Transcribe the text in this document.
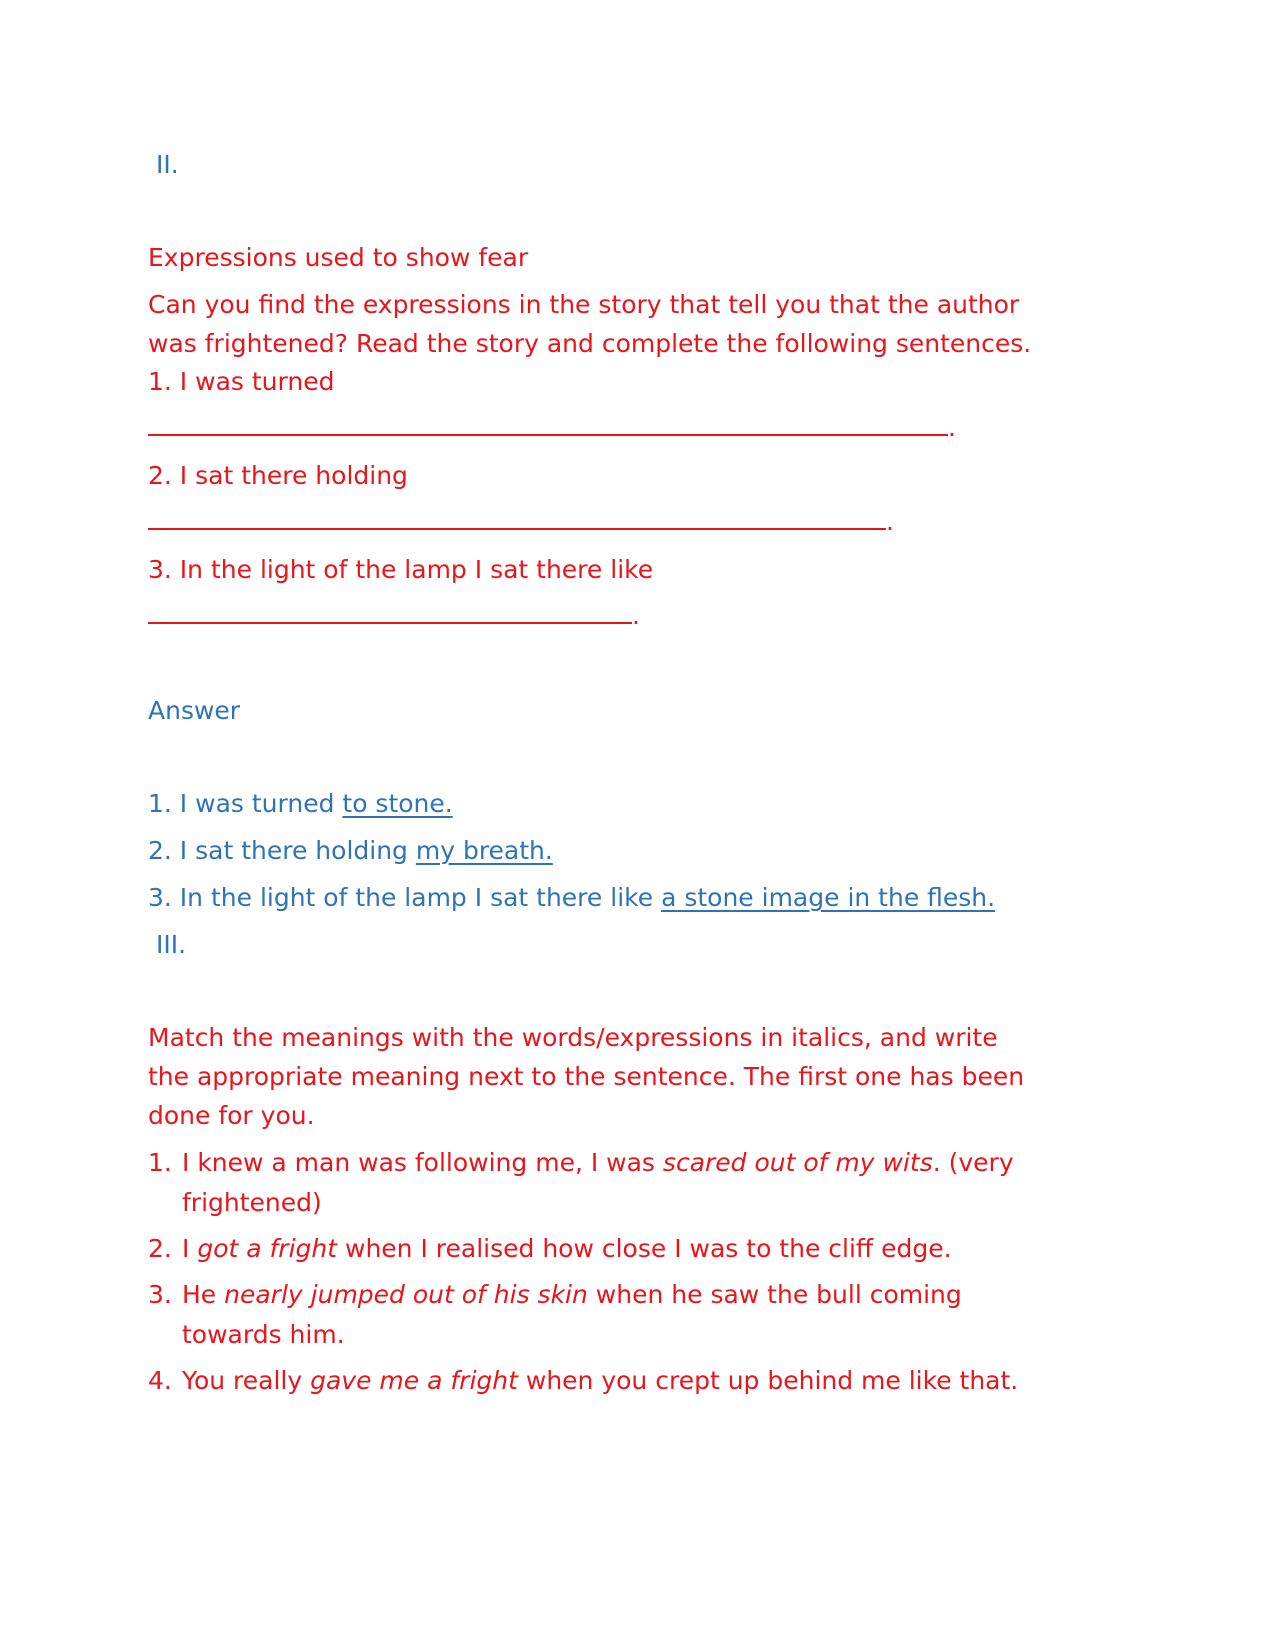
II.
Expressions used to show fear
Can you find the expressions in the story that tell you that the author
was frightened? Read the story and complete the following sentences.
1. I was turned
.
2. I sat there holding
.
3. In the light of the lamp I sat there like
.
Answer
1. I was turned to stone.
2. I sat there holding my breath.
3. In the light of the lamp I sat there like a stone image in the flesh.
III.
Match the meanings with the words/expressions in italics, and write
the appropriate meaning next to the sentence. The first one has been
done for you.
1. I knew a man was following me, I was scared out of my wits. (very frightened)
2. I got a fright when I realised how close I was to the cliff edge.
3. He nearly jumped out of his skin when he saw the bull coming towards him.
4. You really gave me a fright when you crept up behind me like that.
